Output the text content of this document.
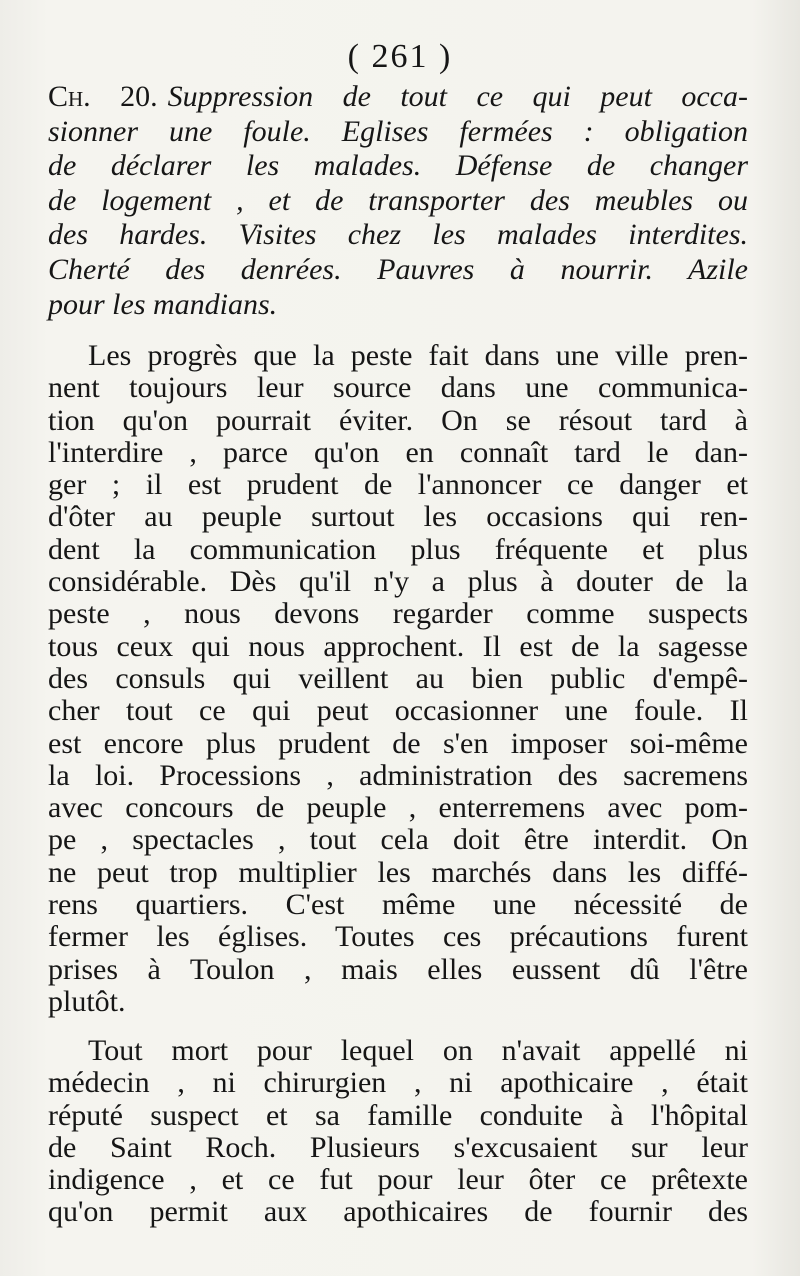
( 261 )
Ch. 20. Suppression de tout ce qui peut occa-
sionner une foule. Eglises fermées : obligation
de déclarer les malades. Défense de changer
de logement , et de transporter des meubles ou
des hardes. Visites chez les malades interdites.
Cherté des denrées. Pauvres à nourrir. Azile
pour les mandians.
Les progrès que la peste fait dans une ville pren-
nent toujours leur source dans une communica-
tion qu'on pourrait éviter. On se résout tard à
l'interdire , parce qu'on en connaît tard le dan-
ger ; il est prudent de l'annoncer ce danger et
d'ôter au peuple surtout les occasions qui ren-
dent la communication plus fréquente et plus
considérable. Dès qu'il n'y a plus à douter de la
peste , nous devons regarder comme suspects
tous ceux qui nous approchent. Il est de la sagesse
des consuls qui veillent au bien public d'empê-
cher tout ce qui peut occasionner une foule. Il
est encore plus prudent de s'en imposer soi-même
la loi. Processions , administration des sacremens
avec concours de peuple , enterremens avec pom-
pe , spectacles , tout cela doit être interdit. On
ne peut trop multiplier les marchés dans les diffé-
rens quartiers. C'est même une nécessité de
fermer les églises. Toutes ces précautions furent
prises à Toulon , mais elles eussent dû l'être
plutôt.
Tout mort pour lequel on n'avait appellé ni
médecin , ni chirurgien , ni apothicaire , était
réputé suspect et sa famille conduite à l'hôpital
de Saint Roch. Plusieurs s'excusaient sur leur
indigence , et ce fut pour leur ôter ce prêtexte
qu'on permit aux apothicaires de fournir des
